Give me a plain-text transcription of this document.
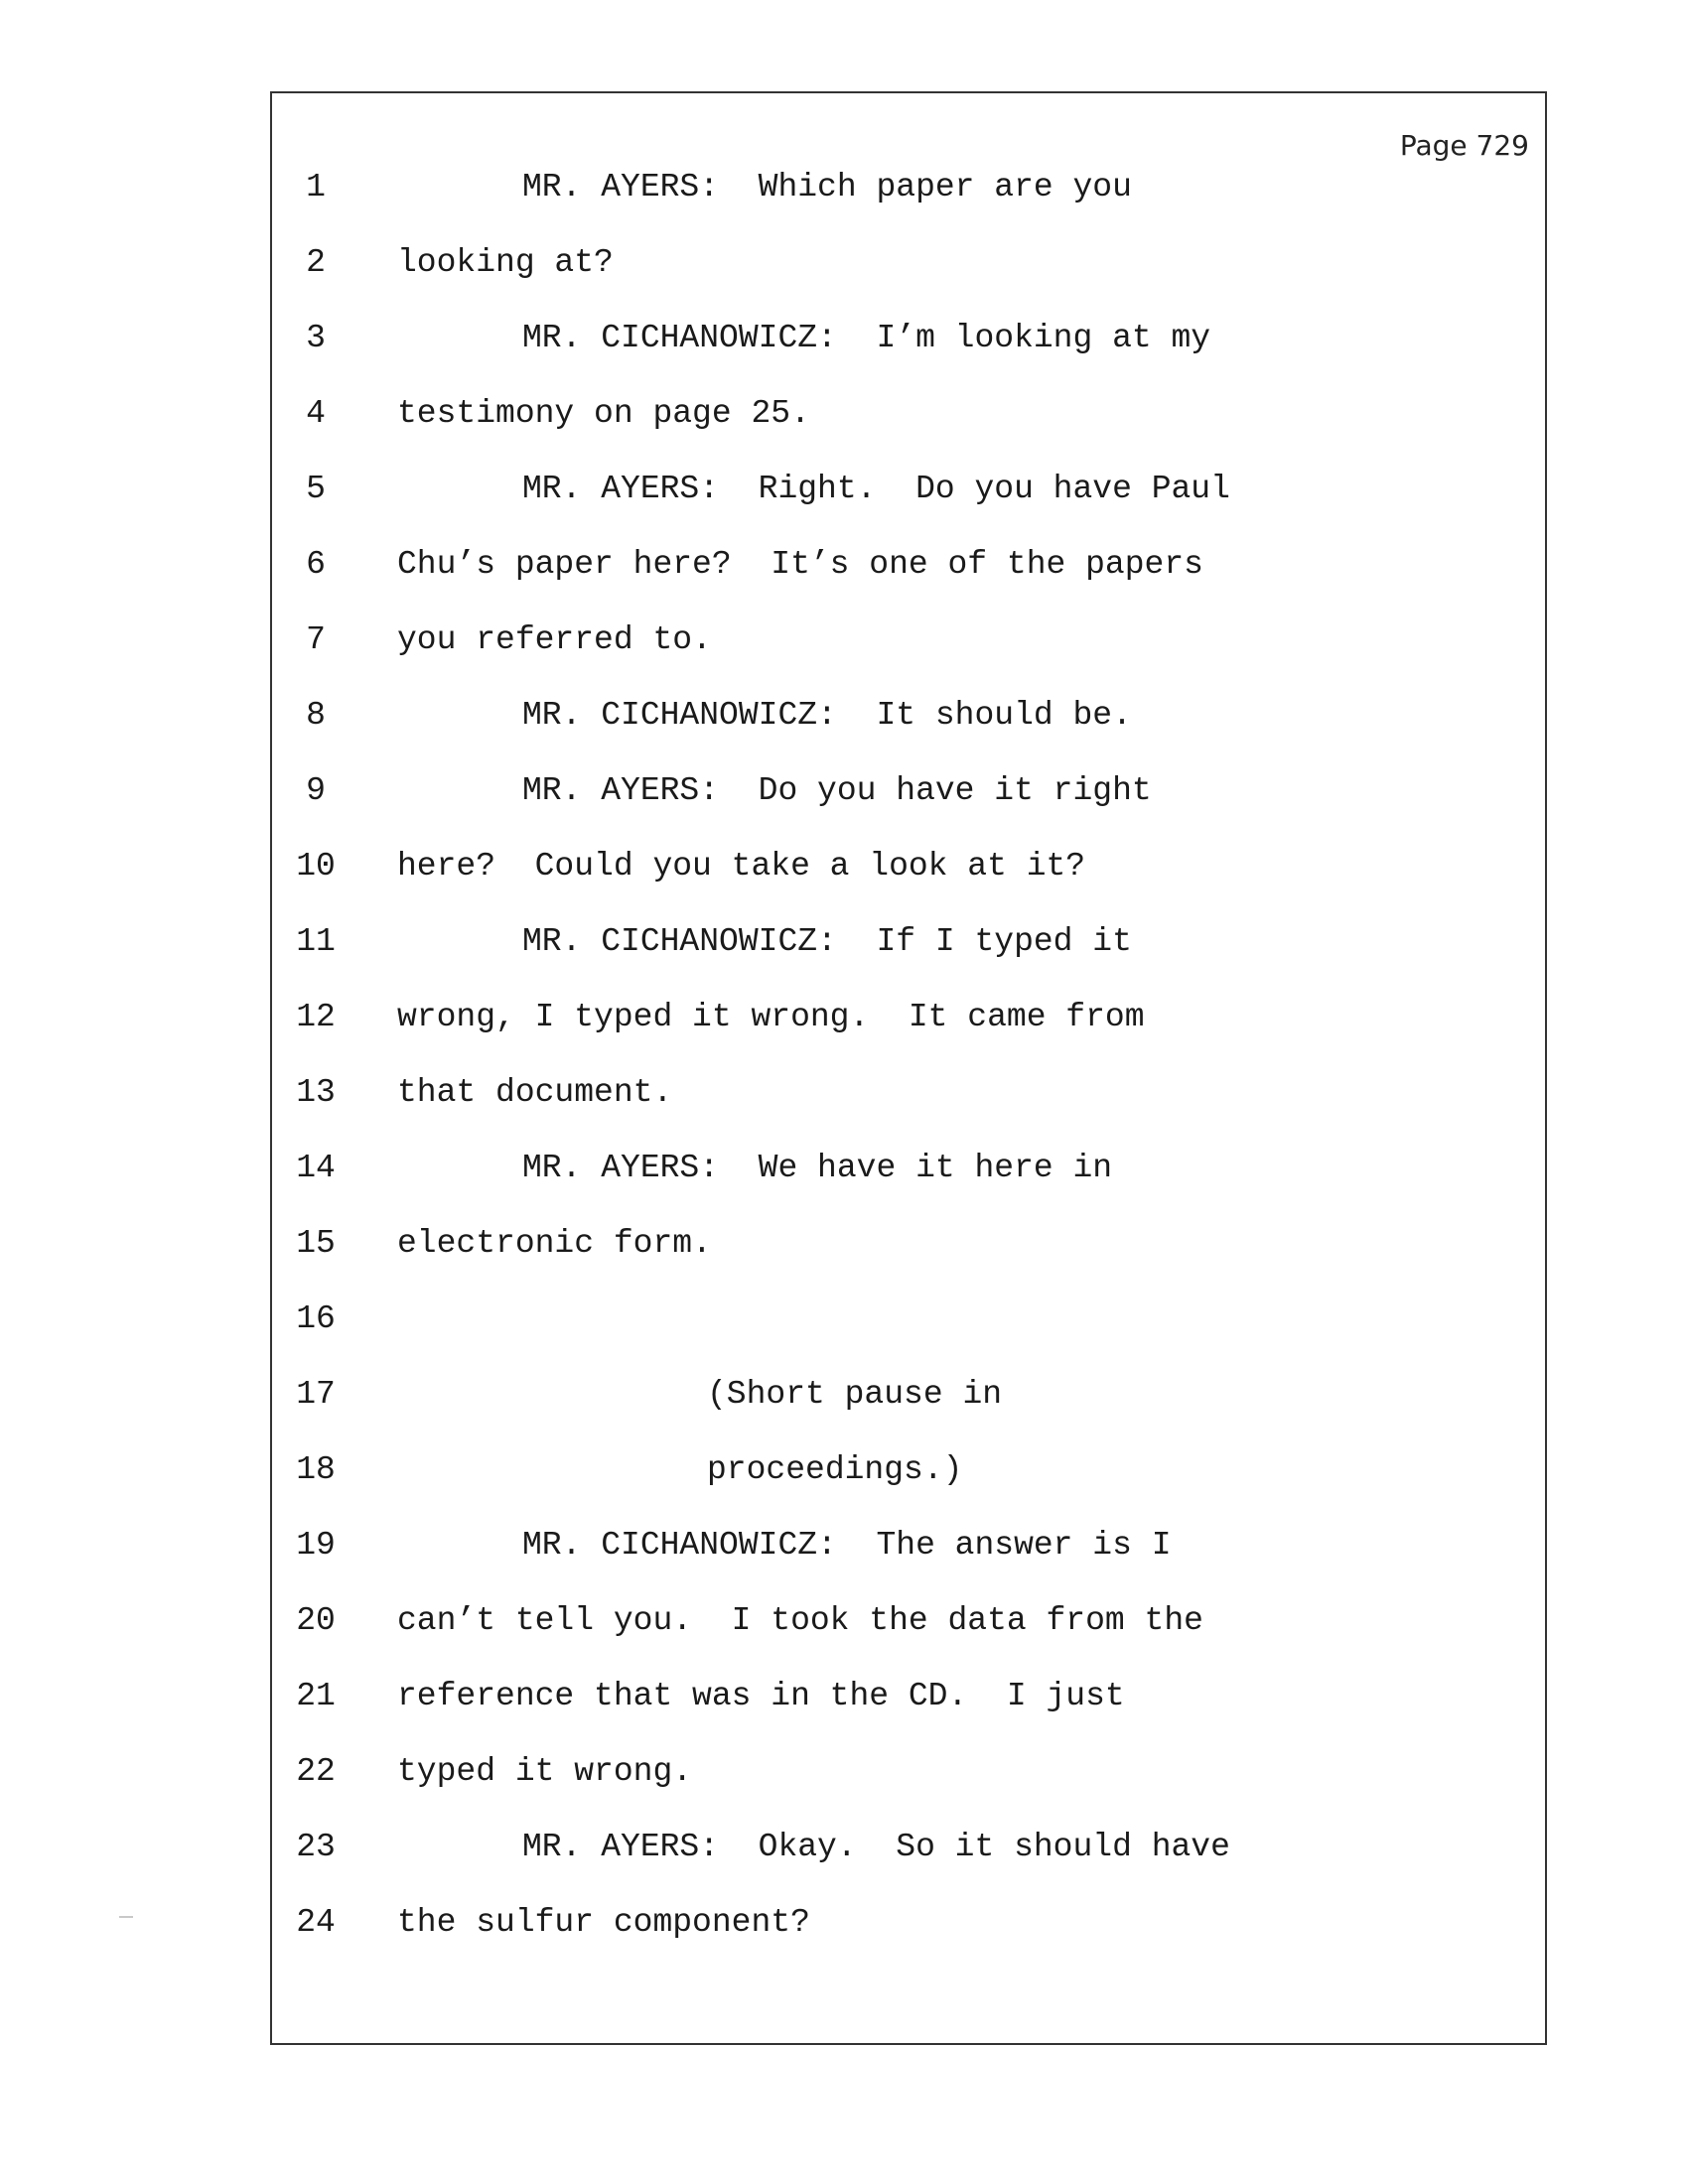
Page 729
1	MR. AYERS:  Which paper are you
2	looking at?
3	MR. CICHANOWICZ:  I’m looking at my
4	testimony on page 25.
5	MR. AYERS:  Right.  Do you have Paul
6	Chu’s paper here?  It’s one of the papers
7	you referred to.
8	MR. CICHANOWICZ:  It should be.
9	MR. AYERS:  Do you have it right
10 here?  Could you take a look at it?
11	MR. CICHANOWICZ:  If I typed it
12 wrong, I typed it wrong.  It came from
13 that document.
14	MR. AYERS:  We have it here in
15 electronic form.
16
17	(Short pause in
18	proceedings.)
19	MR. CICHANOWICZ:  The answer is I
20 can’t tell you.  I took the data from the
21 reference that was in the CD.  I just
22 typed it wrong.
23	MR. AYERS:  Okay.  So it should have
24 the sulfur component?
